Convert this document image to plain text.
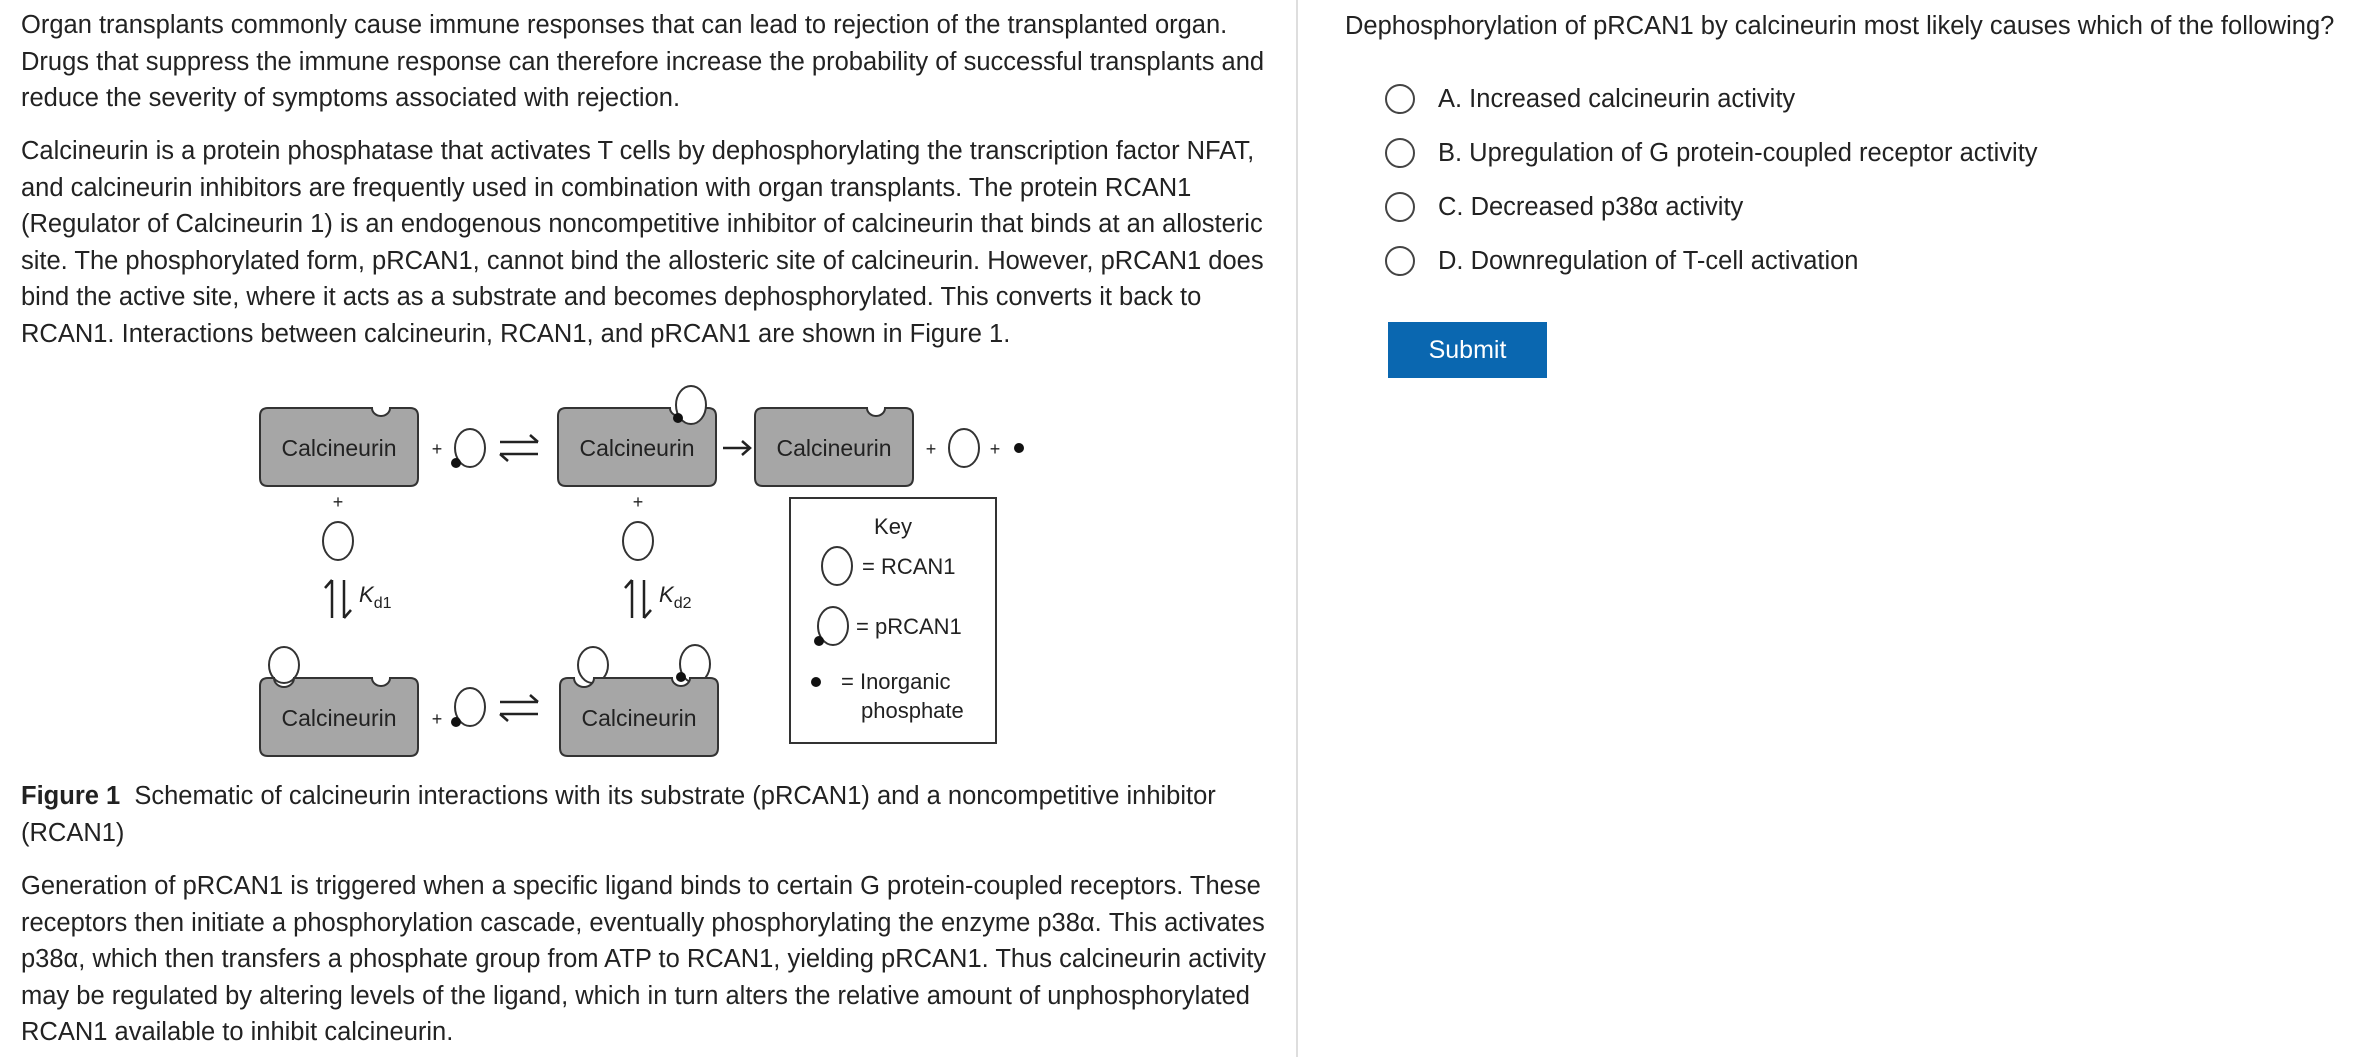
Organ transplants commonly cause immune responses that can lead to rejection of the transplanted organ. Drugs that suppress the immune response can therefore increase the probability of successful transplants and reduce the severity of symptoms associated with rejection.

Calcineurin is a protein phosphatase that activates T cells by dephosphorylating the transcription factor NFAT, and calcineurin inhibitors are frequently used in combination with organ transplants. The protein RCAN1 (Regulator of Calcineurin 1) is an endogenous noncompetitive inhibitor of calcineurin that binds at an allosteric site. The phosphorylated form, pRCAN1, cannot bind the allosteric site of calcineurin. However, pRCAN1 does bind the active site, where it acts as a substrate and becomes dephosphorylated. This converts it back to RCAN1. Interactions between calcineurin, RCAN1, and pRCAN1 are shown in Figure 1.

Figure 1 Schematic of calcineurin interactions with its substrate (pRCAN1) and a noncompetitive inhibitor (RCAN1)

Generation of pRCAN1 is triggered when a specific ligand binds to certain G protein-coupled receptors. These receptors then initiate a phosphorylation cascade, eventually phosphorylating the enzyme p38α. This activates p38α, which then transfers a phosphate group from ATP to RCAN1, yielding pRCAN1. Thus calcineurin activity may be regulated by altering levels of the ligand, which in turn alters the relative amount of unphosphorylated RCAN1 available to inhibit calcineurin.

Calcineurin +	Calcineurin	Calcineurin +	+
+
$K_{d1}$
+
$K_{d2}$
Calcineurin +	Calcineurin
Key
= RCAN1
= pRCAN1
= Inorganic
phosphate
Dephosphorylation of pRCAN1 by calcineurin most likely causes which of the following?
A. Increased calcineurin activity
B. Upregulation of G protein-coupled receptor activity
C. Decreased p38α activity
D. Downregulation of T-cell activation
Submit
